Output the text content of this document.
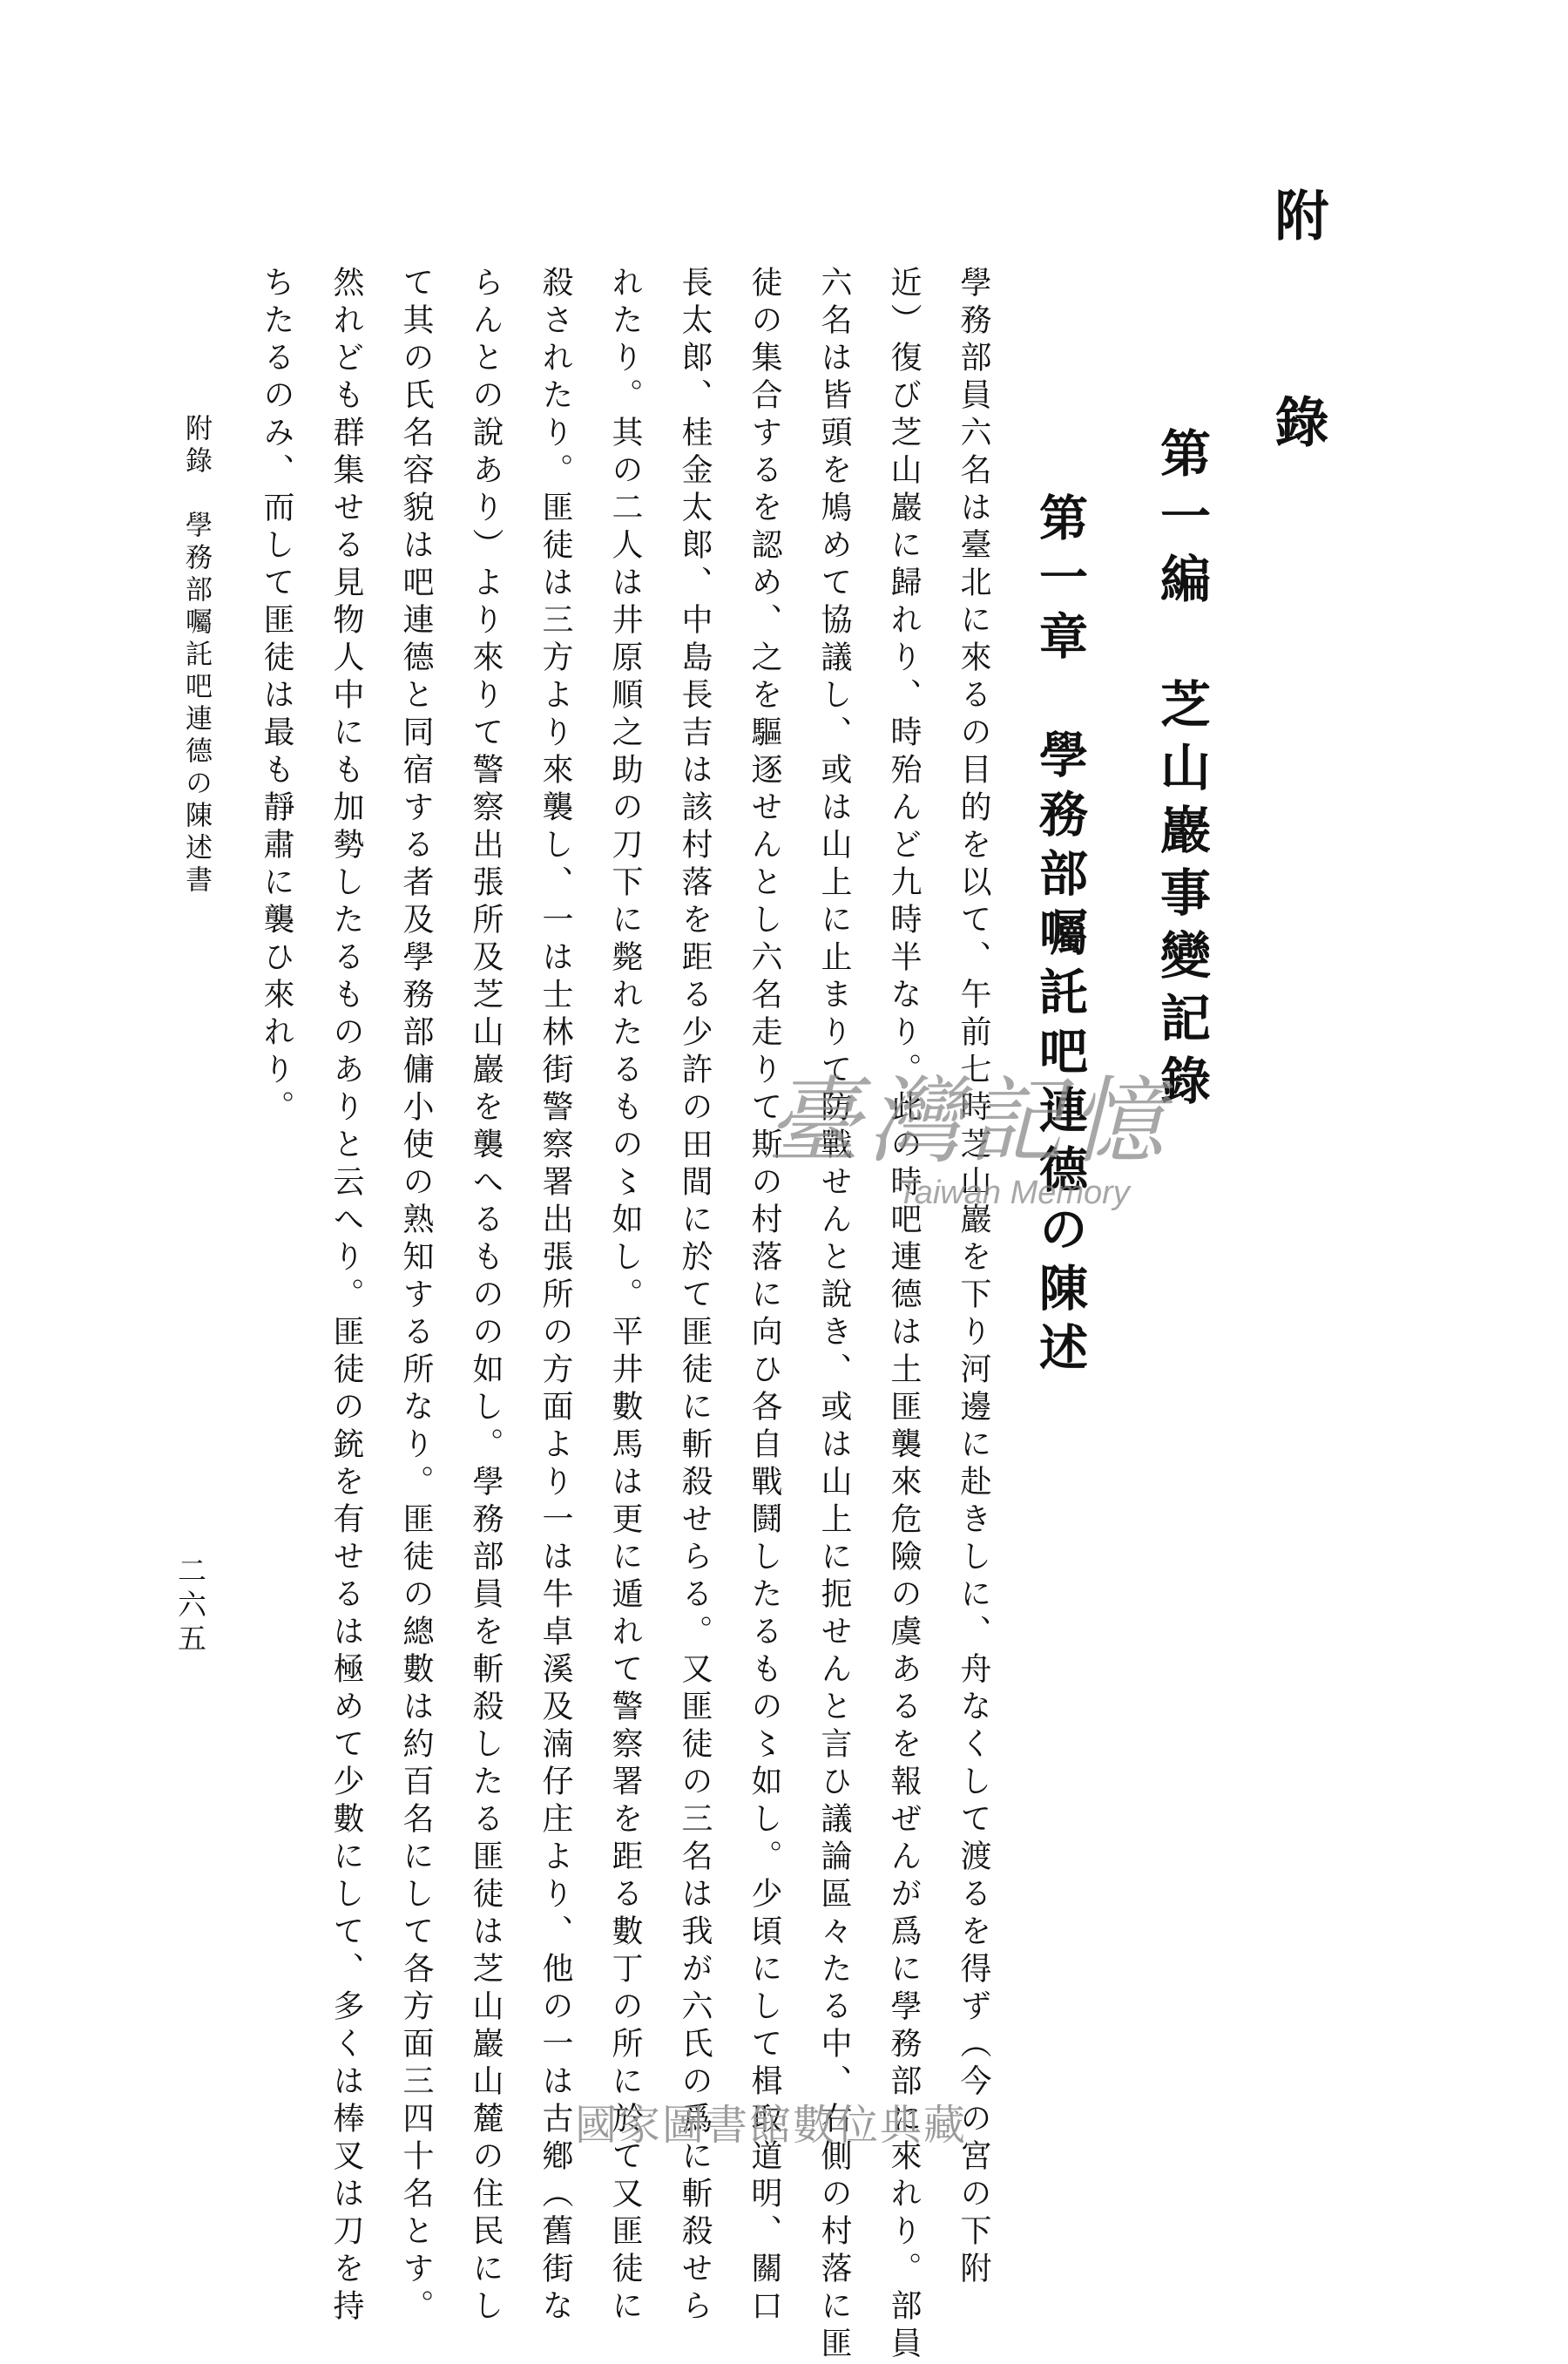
附錄
第一編　芝山巖事變記錄
第一章　學務部囑託吧連德の陳述
學務部員六名は臺北に來るの目的を以て、午前七時芝山巖を下り河邊に赴きしに、舟なくして渡るを得ず（今の宮の下附
近）復び芝山巖に歸れり、時殆んど九時半なり。此の時吧連德は土匪襲來危險の虞あるを報ぜんが爲に學務部に來れり。部員
六名は皆頭を鳩めて協議し、或は山上に止まりて防戰せんと說き、或は山上に扼せんと言ひ議論區々たる中、右側の村落に匪
徒の集合するを認め、之を驅逐せんとし六名走りて斯の村落に向ひ各自戰鬪したるもの〻如し。少頃にして楫取道明、關口
長太郞、桂金太郞、中島長吉は該村落を距る少許の田間に於て匪徒に斬殺せらる。又匪徒の三名は我が六氏の爲に斬殺せら
れたり。其の二人は井原順之助の刀下に斃れたるもの〻如し。平井數馬は更に遁れて警察署を距る數丁の所に於て又匪徒に
殺されたり。匪徒は三方より來襲し、一は士林街警察署出張所の方面より一は牛卓溪及湳仔庄より、他の一は古鄕（舊街な
らんとの說あり）より來りて警察出張所及芝山巖を襲へるものの如し。學務部員を斬殺したる匪徒は芝山巖山麓の住民にし
て其の氏名容貌は吧連德と同宿する者及學務部傭小使の熟知する所なり。匪徒の總數は約百名にして各方面三四十名とす。
然れども群集せる見物人中にも加勢したるものありと云へり。匪徒の銃を有せるは極めて少數にして、多くは棒叉は刀を持
ちたるのみ、而して匪徒は最も靜肅に襲ひ來れり。
附錄　學務部囑託吧連德の陳述書
二六五
臺灣記憶
Taiwan Memory
國家圖書館數位典藏
